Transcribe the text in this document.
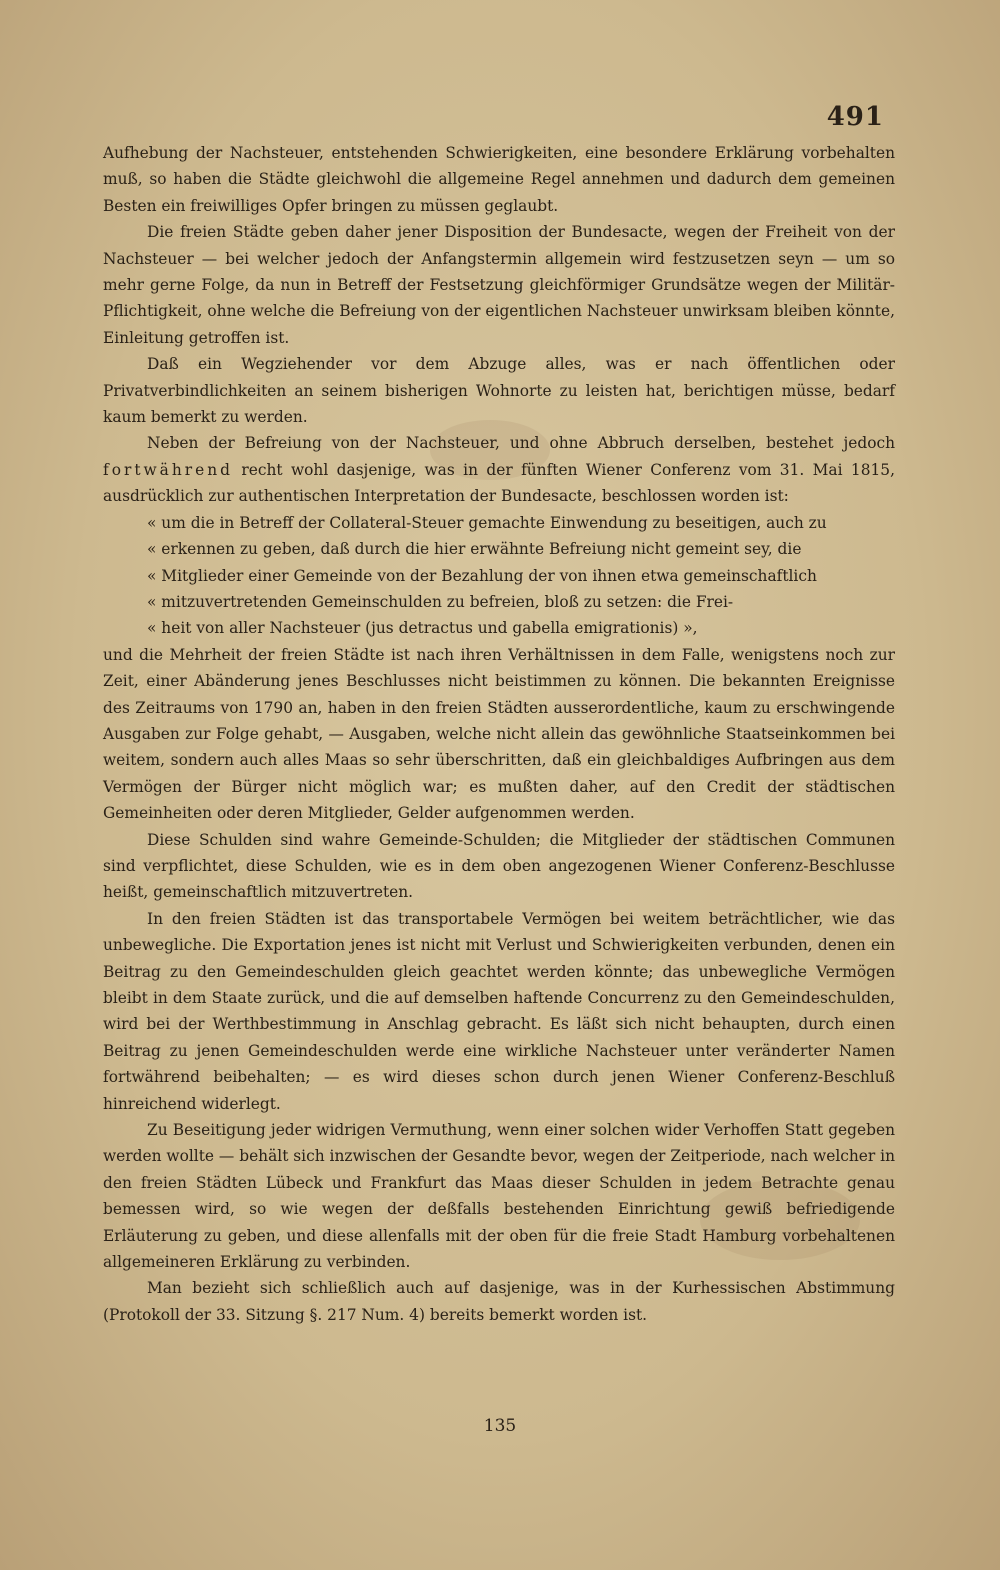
491

Aufhebung der Nachsteuer, entstehenden Schwierigkeiten, eine besondere Erklärung vorbehalten muß, so haben die Städte gleichwohl die allgemeine Regel annehmen und dadurch dem gemeinen Besten ein freiwilliges Opfer bringen zu müssen geglaubt.

Die freien Städte geben daher jener Disposition der Bundesacte, wegen der Freiheit von der Nachsteuer — bei welcher jedoch der Anfangstermin allgemein wird festzusetzen seyn — um so mehr gerne Folge, da nun in Betreff der Festsetzung gleichförmiger Grundsätze wegen der Militär-Pflichtigkeit, ohne welche die Befreiung von der eigentlichen Nachsteuer unwirksam bleiben könnte, Einleitung getroffen ist.

Daß ein Wegziehender vor dem Abzuge alles, was er nach öffentlichen oder Privatverbindlichkeiten an seinem bisherigen Wohnorte zu leisten hat, berichtigen müsse, bedarf kaum bemerkt zu werden.

Neben der Befreiung von der Nachsteuer, und ohne Abbruch derselben, bestehet jedoch fortwährend recht wohl dasjenige, was in der fünften Wiener Conferenz vom 31. Mai 1815, ausdrücklich zur authentischen Interpretation der Bundesacte, beschlossen worden ist:

« um die in Betreff der Collateral-Steuer gemachte Einwendung zu beseitigen, auch zu
« erkennen zu geben, daß durch die hier erwähnte Befreiung nicht gemeint sey, die
« Mitglieder einer Gemeinde von der Bezahlung der von ihnen etwa gemeinschaftlich
« mitzuvertretenden Gemeinschulden zu befreien, bloß zu setzen: die Frei-
« heit von aller Nachsteuer (jus detractus und gabella emigrationis) »,

und die Mehrheit der freien Städte ist nach ihren Verhältnissen in dem Falle, wenigstens noch zur Zeit, einer Abänderung jenes Beschlusses nicht beistimmen zu können. Die bekannten Ereignisse des Zeitraums von 1790 an, haben in den freien Städten ausserordentliche, kaum zu erschwingende Ausgaben zur Folge gehabt, — Ausgaben, welche nicht allein das gewöhnliche Staatseinkommen bei weitem, sondern auch alles Maas so sehr überschritten, daß ein gleichbaldiges Aufbringen aus dem Vermögen der Bürger nicht möglich war; es mußten daher, auf den Credit der städtischen Gemeinheiten oder deren Mitglieder, Gelder aufgenommen werden.

Diese Schulden sind wahre Gemeinde-Schulden; die Mitglieder der städtischen Communen sind verpflichtet, diese Schulden, wie es in dem oben angezogenen Wiener Conferenz-Beschlusse heißt, gemeinschaftlich mitzuvertreten.

In den freien Städten ist das transportabele Vermögen bei weitem beträchtlicher, wie das unbewegliche. Die Exportation jenes ist nicht mit Verlust und Schwierigkeiten verbunden, denen ein Beitrag zu den Gemeindeschulden gleich geachtet werden könnte; das unbewegliche Vermögen bleibt in dem Staate zurück, und die auf demselben haftende Concurrenz zu den Gemeindeschulden, wird bei der Werthbestimmung in Anschlag gebracht. Es läßt sich nicht behaupten, durch einen Beitrag zu jenen Gemeindeschulden werde eine wirkliche Nachsteuer unter veränderter Namen fortwährend beibehalten; — es wird dieses schon durch jenen Wiener Conferenz-Beschluß hinreichend widerlegt.

Zu Beseitigung jeder widrigen Vermuthung, wenn einer solchen wider Verhoffen Statt gegeben werden wollte — behält sich inzwischen der Gesandte bevor, wegen der Zeitperiode, nach welcher in den freien Städten Lübeck und Frankfurt das Maas dieser Schulden in jedem Betrachte genau bemessen wird, so wie wegen der deßfalls bestehenden Einrichtung gewiß befriedigende Erläuterung zu geben, und diese allenfalls mit der oben für die freie Stadt Hamburg vorbehaltenen allgemeineren Erklärung zu verbinden.

Man bezieht sich schließlich auch auf dasjenige, was in der Kurhessischen Abstimmung (Protokoll der 33. Sitzung §. 217 Num. 4) bereits bemerkt worden ist.

135
